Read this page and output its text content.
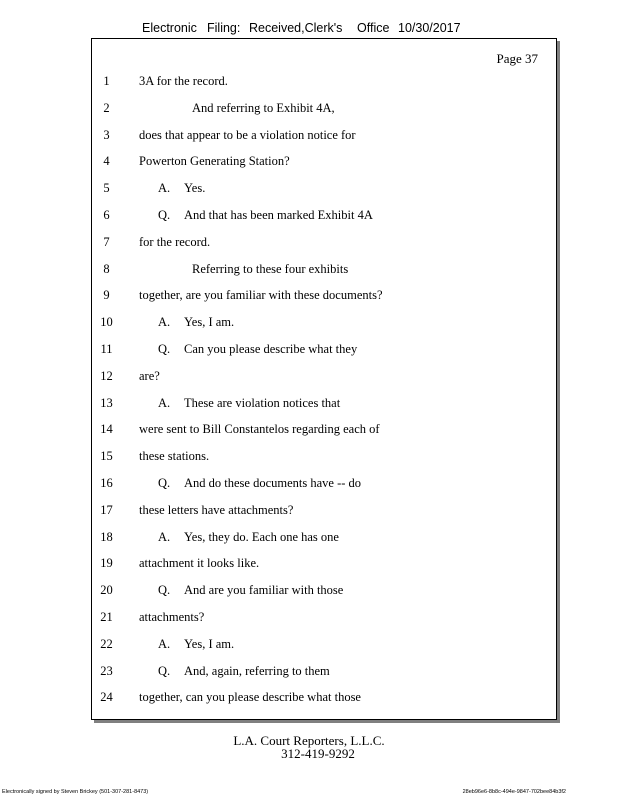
Electronic Filing: Received,Clerk's Office 10/30/2017
Page 37
1	3A for the record.
2	And referring to Exhibit 4A,
3	does that appear to be a violation notice for
4	Powerton Generating Station?
5	A. Yes.
6	Q. And that has been marked Exhibit 4A
7	for the record.
8	Referring to these four exhibits
9	together, are you familiar with these documents?
10	A. Yes, I am.
11	Q. Can you please describe what they
12	are?
13	A. These are violation notices that
14	were sent to Bill Constantelos regarding each of
15	these stations.
16	Q. And do these documents have -- do
17	these letters have attachments?
18	A. Yes, they do. Each one has one
19	attachment it looks like.
20	Q. And are you familiar with those
21	attachments?
22	A. Yes, I am.
23	Q. And, again, referring to them
24	together, can you please describe what those
L.A. Court Reporters, L.L.C.
312-419-9292
Electronically signed by Steven Brickey (501-307-281-8473)	28eb96e6-8b8c-494e-9847-702bee84b3f2
